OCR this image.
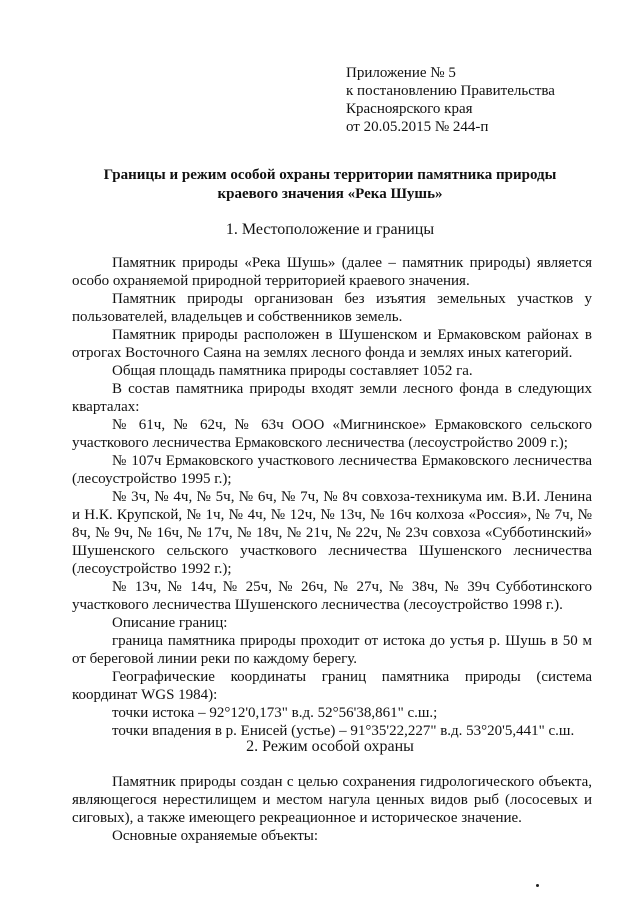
Приложение № 5
к постановлению Правительства
Красноярского края
от 20.05.2015 № 244-п
Границы и режим особой охраны территории памятника природы
краевого значения «Река Шушь»
1. Местоположение и границы

Памятник природы «Река Шушь» (далее – памятник природы) является особо охраняемой природной территорией краевого значения.

Памятник природы организован без изъятия земельных участков у пользователей, владельцев и собственников земель.

Памятник природы расположен в Шушенском и Ермаковском районах в отрогах Восточного Саяна на землях лесного фонда и землях иных категорий.

Общая площадь памятника природы составляет 1052 га.

В состав памятника природы входят земли лесного фонда в следующих кварталах:

№ 61ч, № 62ч, № 63ч ООО «Мигнинское» Ермаковского сельского участкового лесничества Ермаковского лесничества (лесоустройство 2009 г.);

№ 107ч Ермаковского участкового лесничества Ермаковского лесничества (лесоустройство 1995 г.);

№ 3ч, № 4ч, № 5ч, № 6ч, № 7ч, № 8ч совхоза-техникума им. В.И. Ленина и Н.К. Крупской, № 1ч, № 4ч, № 12ч, № 13ч, № 16ч колхоза «Россия», № 7ч, № 8ч, № 9ч, № 16ч, № 17ч, № 18ч, № 21ч, № 22ч, № 23ч совхоза «Субботинский» Шушенского сельского участкового лесничества Шушенского лесничества (лесоустройство 1992 г.);

№ 13ч, № 14ч, № 25ч, № 26ч, № 27ч, № 38ч, № 39ч Субботинского участкового лесничества Шушенского лесничества (лесоустройство 1998 г.).

Описание границ:

граница памятника природы проходит от истока до устья р. Шушь в 50 м от береговой линии реки по каждому берегу.

Географические координаты границ памятника природы (система координат WGS 1984):

точки истока – 92°12'0,173" в.д. 52°56'38,861" с.ш.;

точки впадения в р. Енисей (устье) – 91°35'22,227" в.д. 53°20'5,441" с.ш.

2. Режим особой охраны

Памятник природы создан с целью сохранения гидрологического объекта, являющегося нерестилищем и местом нагула ценных видов рыб (лососевых и сиговых), а также имеющего рекреационное и историческое значение.

Основные охраняемые объекты:
